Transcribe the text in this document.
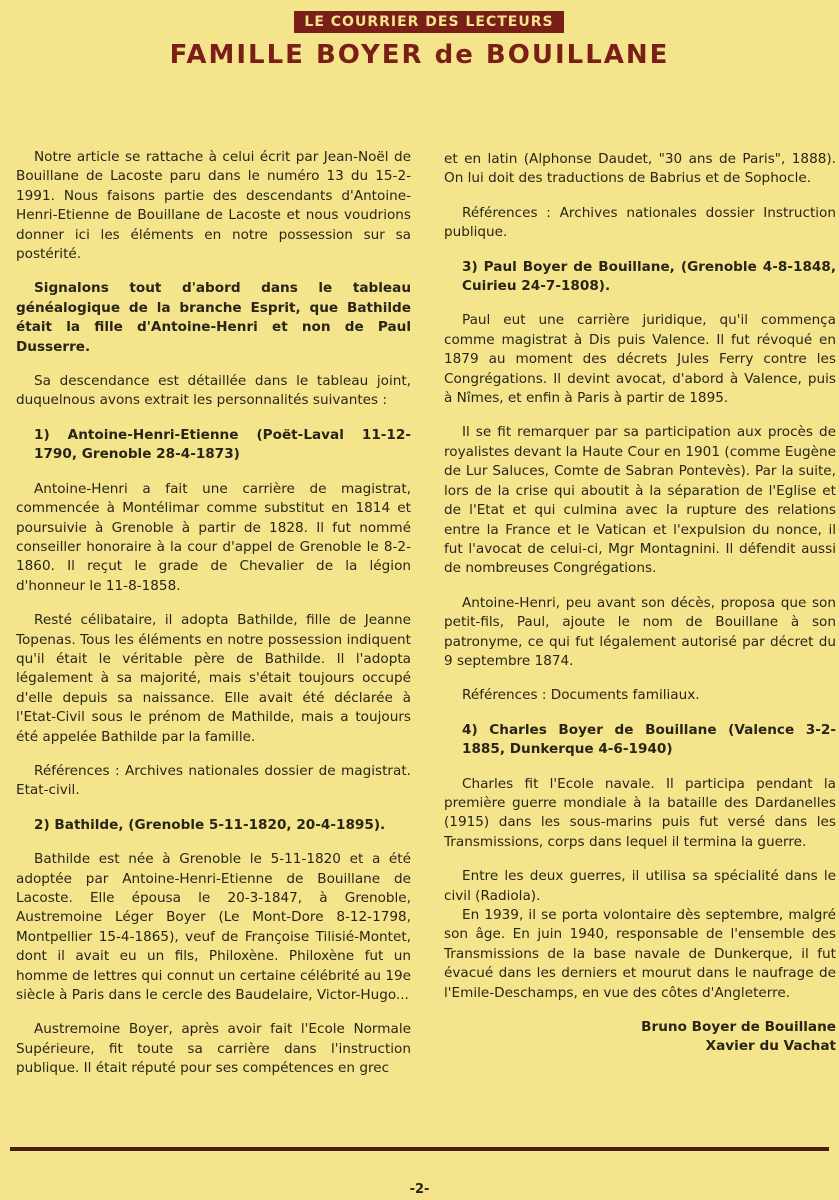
LE COURRIER DES LECTEURS
FAMILLE BOYER de BOUILLANE

Notre article se rattache à celui écrit par Jean-Noël de Bouillane de Lacoste paru dans le numéro 13 du 15-2-1991. Nous faisons partie des descendants d'Antoine-Henri-Etienne de Bouillane de Lacoste et nous voudrions donner ici les éléments en notre possession sur sa postérité.

Signalons tout d'abord dans le tableau généalogique de la branche Esprit, que Bathilde était la fille d'Antoine-Henri et non de Paul Dusserre.

Sa descendance est détaillée dans le tableau joint, duquelnous avons extrait les personnalités suivantes :

1) Antoine-Henri-Etienne (Poët-Laval 11-12-1790, Grenoble 28-4-1873)

Antoine-Henri a fait une carrière de magistrat, commencée à Montélimar comme substitut en 1814 et poursuivie à Grenoble à partir de 1828. Il fut nommé conseiller honoraire à la cour d'appel de Grenoble le 8-2-1860. Il reçut le grade de Chevalier de la légion d'honneur le 11-8-1858.

Resté célibataire, il adopta Bathilde, fille de Jeanne Topenas. Tous les éléments en notre possession indiquent qu'il était le véritable père de Bathilde. Il l'adopta légalement à sa majorité, mais s'était toujours occupé d'elle depuis sa naissance. Elle avait été déclarée à l'Etat-Civil sous le prénom de Mathilde, mais a toujours été appelée Bathilde par la famille.

Références : Archives nationales dossier de magistrat. Etat-civil.

2) Bathilde, (Grenoble 5-11-1820, 20-4-1895).

Bathilde est née à Grenoble le 5-11-1820 et a été adoptée par Antoine-Henri-Etienne de Bouillane de Lacoste. Elle épousa le 20-3-1847, à Grenoble, Austremoine Léger Boyer (Le Mont-Dore 8-12-1798, Montpellier 15-4-1865), veuf de Françoise Tilisié-Montet, dont il avait eu un fils, Philoxène. Philoxène fut un homme de lettres qui connut un certaine célébrité au 19e siècle à Paris dans le cercle des Baudelaire, Victor-Hugo...

Austremoine Boyer, après avoir fait l'Ecole Normale Supérieure, fit toute sa carrière dans l'instruction publique. Il était réputé pour ses compétences en grec

et en latin (Alphonse Daudet, "30 ans de Paris", 1888). On lui doit des traductions de Babrius et de Sophocle.

Références : Archives nationales dossier Instruction publique.

3) Paul Boyer de Bouillane, (Grenoble 4-8-1848, Cuirieu 24-7-1808).

Paul eut une carrière juridique, qu'il commença comme magistrat à Dis puis Valence. Il fut révoqué en 1879 au moment des décrets Jules Ferry contre les Congrégations. Il devint avocat, d'abord à Valence, puis à Nîmes, et enfin à Paris à partir de 1895.

Il se fit remarquer par sa participation aux procès de royalistes devant la Haute Cour en 1901 (comme Eugène de Lur Saluces, Comte de Sabran Pontevès). Par la suite, lors de la crise qui aboutit à la séparation de l'Eglise et de l'Etat et qui culmina avec la rupture des relations entre la France et le Vatican et l'expulsion du nonce, il fut l'avocat de celui-ci, Mgr Montagnini. Il défendit aussi de nombreuses Congrégations.

Antoine-Henri, peu avant son décès, proposa que son petit-fils, Paul, ajoute le nom de Bouillane à son patronyme, ce qui fut légalement autorisé par décret du 9 septembre 1874.

Références : Documents familiaux.

4) Charles Boyer de Bouillane (Valence 3-2-1885, Dunkerque 4-6-1940)

Charles fit l'Ecole navale. Il participa pendant la première guerre mondiale à la bataille des Dardanelles (1915) dans les sous-marins puis fut versé dans les Transmissions, corps dans lequel il termina la guerre.

Entre les deux guerres, il utilisa sa spécialité dans le civil (Radiola).

En 1939, il se porta volontaire dès septembre, malgré son âge. En juin 1940, responsable de l'ensemble des Transmissions de la base navale de Dunkerque, il fut évacué dans les derniers et mourut dans le naufrage de l'Emile-Deschamps, en vue des côtes d'Angleterre.

Bruno Boyer de Bouillane
Xavier du Vachat
-2-
